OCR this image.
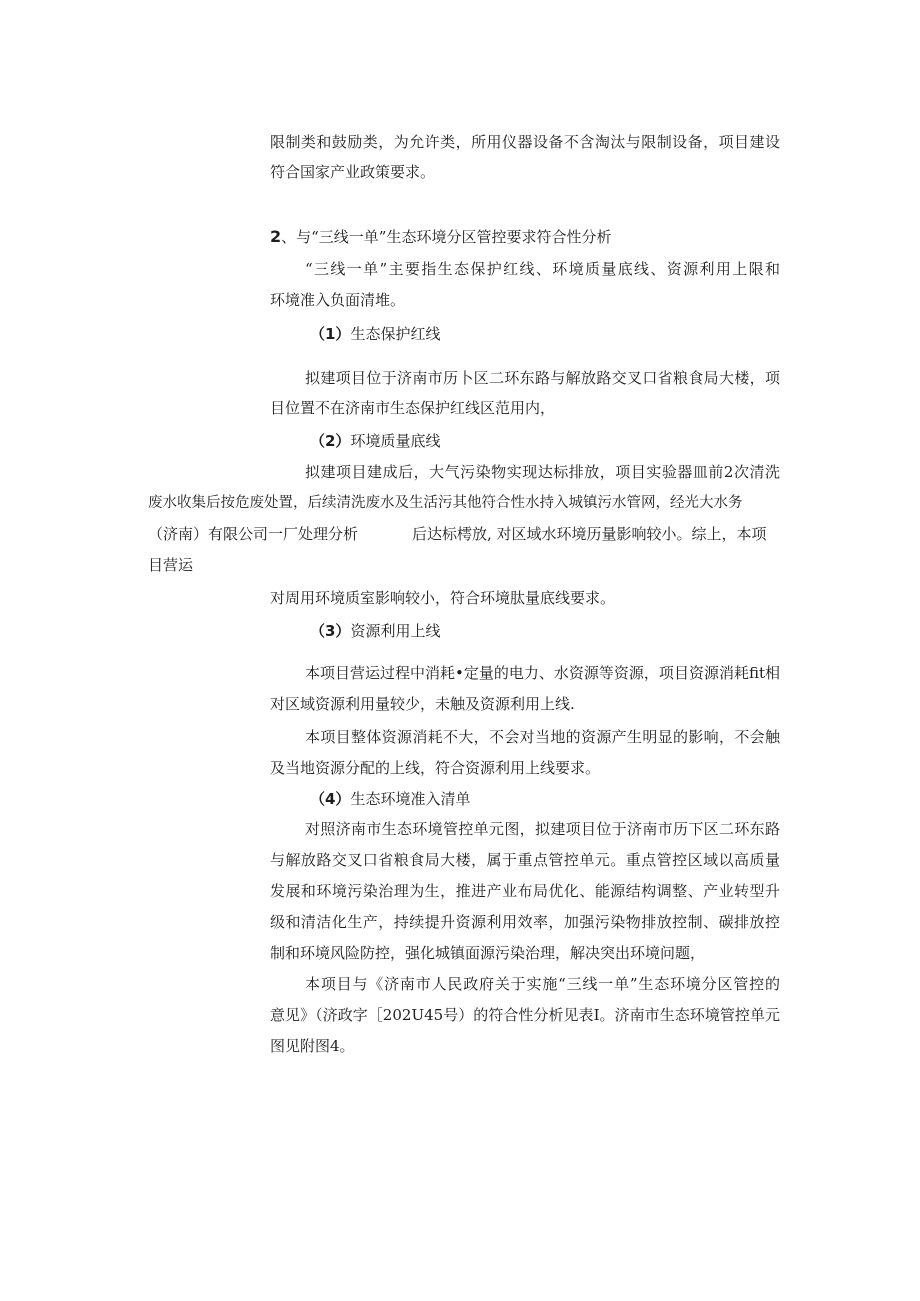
限制类和鼓励类，为允许类，所用仪器设备不含淘汰与限制设备，项目建设

符合国家产业政策要求。

2、与“三线一单”生态环境分区管控要求符合性分析

“三线一单”主要指生态保护红线、环境质量底线、资源利用上限和

环境准入负面清堆。

（1）生态保护红线

拟建项目位于济南市历卜区二环东路与解放路交叉口省粮食局大楼，项

目位置不在济南市生态保护红线区范用内，

（2）环境质量底线

拟建项目建成后，大气污染物实现达标排放，项目实验器皿前2次清洗

废水收集后按危废处置，后续清洗废水及生活污其他符合性水持入城镇污水管网，经光大水务

（济南）有限公司一厂处理分析	后达标樗放, 对区域水环境历量影响较小。综上，本项

目营运

对周用环境质室影响较小，符合环境肽量底线要求。

（3）资源利用上线

本项目营运过程中消耗•定量的电力、水资源等资源，项目资源消耗fit相

对区域资源利用量较少，未触及资源利用上线.

本项目整体资源消耗不大，不会对当地的资源产生明显的影响，不会触

及当地资源分配的上线，符合资源利用上线要求。

（4）生态环境准入清单

对照济南市生态环境管控单元图，拟建项目位于济南市历下区二环东路

与解放路交叉口省粮食局大楼，属于重点管控单元。重点管控区域以高质量

发展和环境污染治理为生，推进产业布局优化、能源结构调整、产业转型升

级和清洁化生产，持续提升资源利用效率，加强污染物排放控制、碳排放控

制和环境风险防控，强化城镇面源污染治理，解决突出环境问题，

本项目与《济南市人民政府关于实施“三线一单”生态环境分区管控的

意见》（济政字［202U45号）的符合性分析见表I。济南市生态环境管控单元

图见附图4。
